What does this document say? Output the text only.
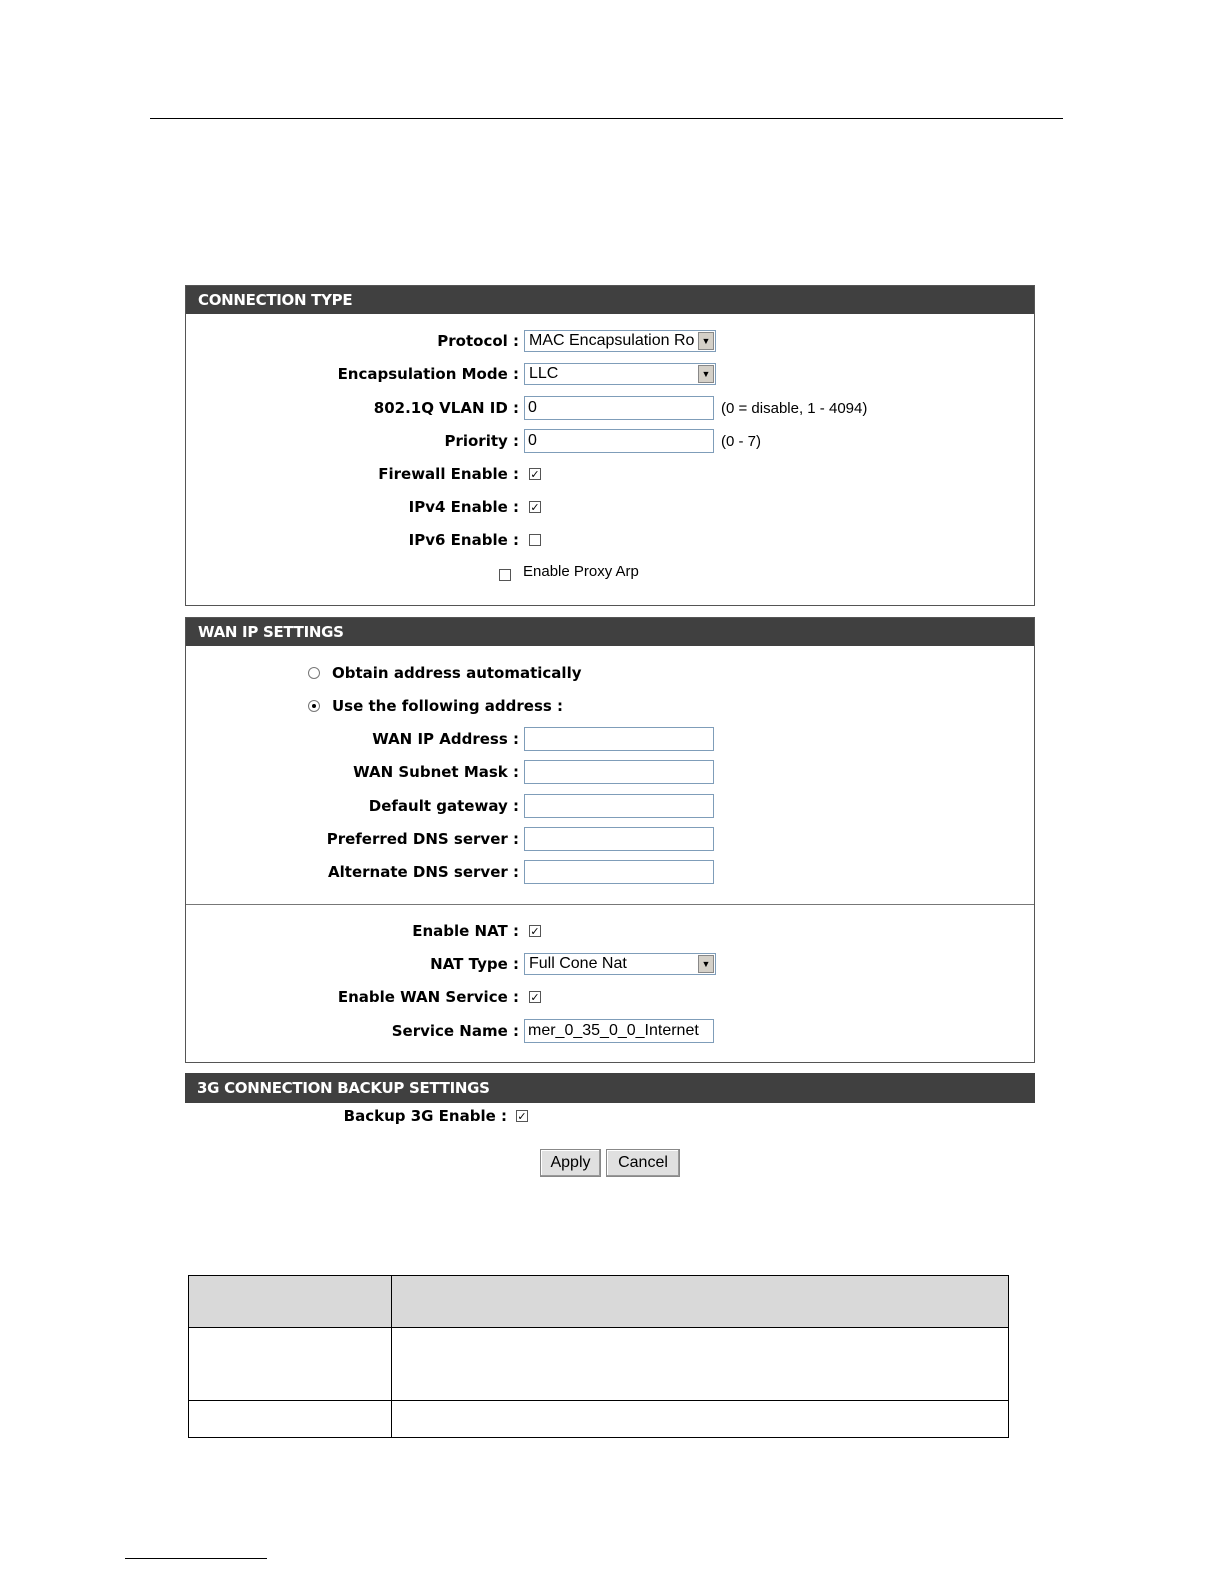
CONNECTION TYPE
Protocol : MAC Encapsulation Ro ▼
Encapsulation Mode : LLC	▼
802.1Q VLAN ID : 0	(0 = disable, 1 - 4094)
Priority : 0	(0 - 7)
Firewall Enable : ✓
IPv4 Enable : ✓
IPv6 Enable :
Enable Proxy Arp
WAN IP SETTINGS
Obtain address automatically
Use the following address :
WAN IP Address :
WAN Subnet Mask :
Default gateway :
Preferred DNS server :
Alternate DNS server :
Enable NAT : ✓
NAT Type : Full Cone Nat	▼
Enable WAN Service : ✓
Service Name : mer_0_35_0_0_Internet
3G CONNECTION BACKUP SETTINGS
Backup 3G Enable : ✓
Apply	Cancel
